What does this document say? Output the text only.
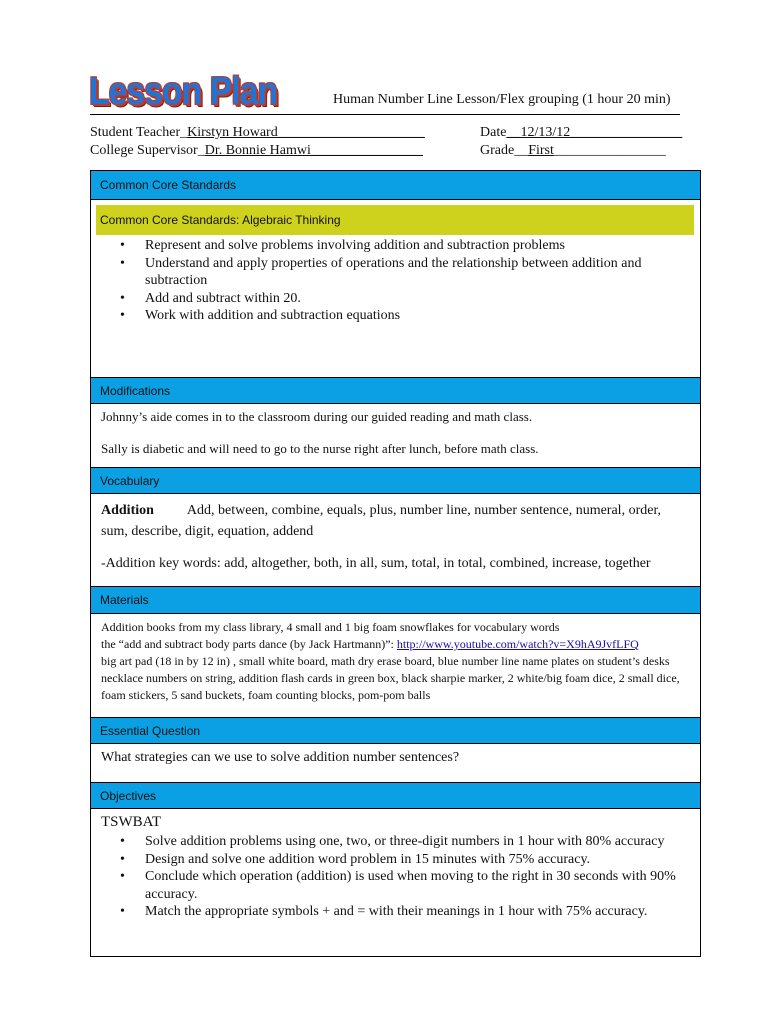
Lesson Plan	Human Number Line Lesson/Flex grouping (1 hour 20 min)
Student Teacher_Kirstyn Howard_____________________	Date__12/13/12________________
College Supervisor_Dr. Bonnie Hamwi________________	Grade__First________________
Common Core Standards
Common Core Standards: Algebraic Thinking
• Represent and solve problems involving addition and subtraction problems
• Understand and apply properties of operations and the relationship between addition and subtraction
• Add and subtract within 20.
• Work with addition and subtraction equations
Modifications
Johnny’s aide comes in to the classroom during our guided reading and math class.
Sally is diabetic and will need to go to the nurse right after lunch, before math class.
Vocabulary
Addition Add, between, combine, equals, plus, number line, number sentence, numeral, order, sum, describe, digit, equation, addend
-Addition key words: add, altogether, both, in all, sum, total, in total, combined, increase, together
Materials
Addition books from my class library, 4 small and 1 big foam snowflakes for vocabulary words
the “add and subtract body parts dance (by Jack Hartmann)”: http://www.youtube.com/watch?v=X9hA9JvfLFQ
big art pad (18 in by 12 in) , small white board, math dry erase board, blue number line name plates on student’s desks necklace numbers on string, addition flash cards in green box, black sharpie marker, 2 white/big foam dice, 2 small dice, foam stickers, 5 sand buckets, foam counting blocks, pom-pom balls
Essential Question
What strategies can we use to solve addition number sentences?
Objectives
TSWBAT
• Solve addition problems using one, two, or three-digit numbers in 1 hour with 80% accuracy
• Design and solve one addition word problem in 15 minutes with 75% accuracy.
• Conclude which operation (addition) is used when moving to the right in 30 seconds with 90% accuracy.
• Match the appropriate symbols + and = with their meanings in 1 hour with 75% accuracy.
